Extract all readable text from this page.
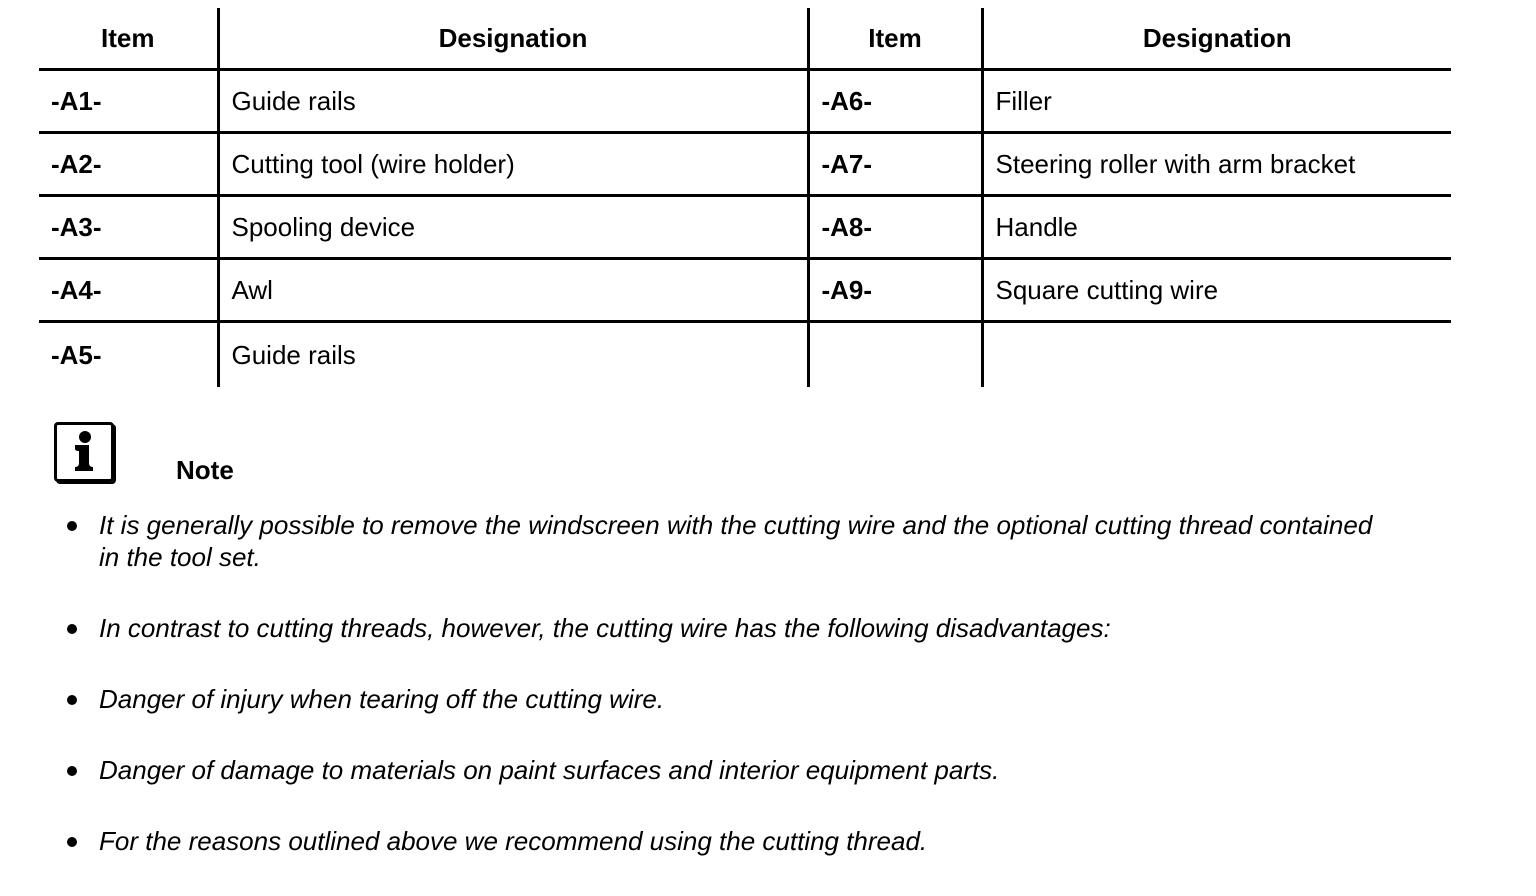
Item	Designation	Item	Designation
-A1-	Guide rails	-A6-	Filler
-A2-	Cutting tool (wire holder)	-A7-	Steering roller with arm bracket
-A3-	Spooling device	-A8-	Handle
-A4-	Awl	-A9-	Square cutting wire
-A5-	Guide rails		
Note
It is generally possible to remove the windscreen with the cutting wire and the optional cutting thread contained in the tool set.
In contrast to cutting threads, however, the cutting wire has the following disadvantages:
Danger of injury when tearing off the cutting wire.
Danger of damage to materials on paint surfaces and interior equipment parts.
For the reasons outlined above we recommend using the cutting thread.
